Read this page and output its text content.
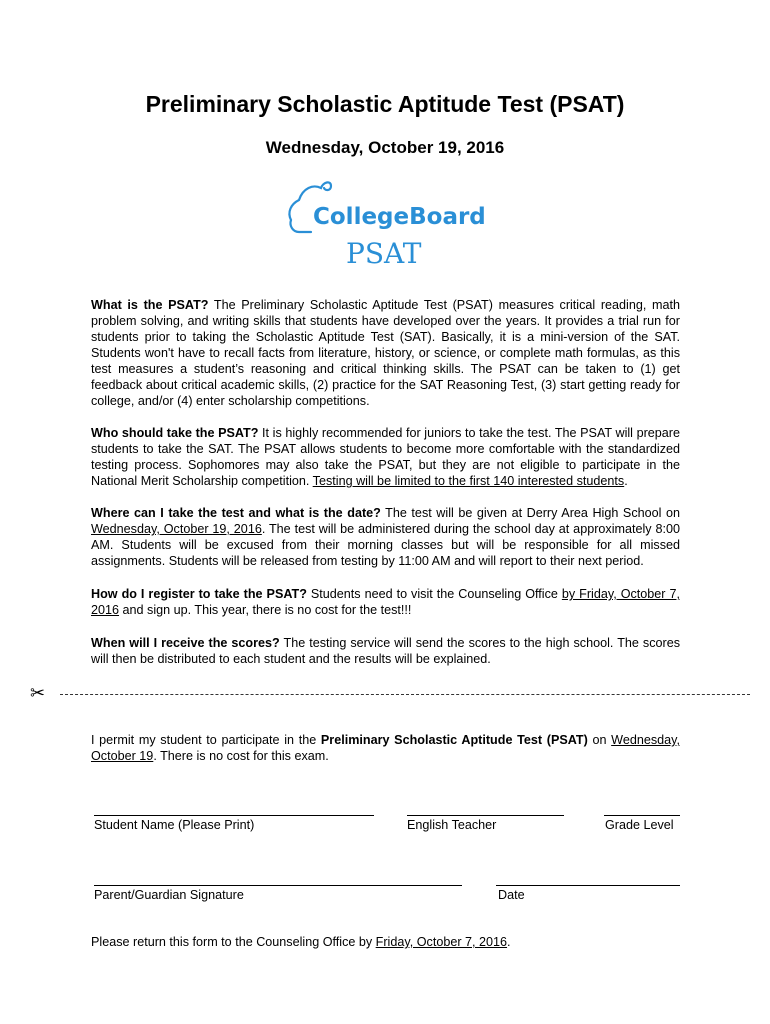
Preliminary Scholastic Aptitude Test (PSAT)
Wednesday, October 19, 2016
CollegeBoard
PSAT

What is the PSAT? The Preliminary Scholastic Aptitude Test (PSAT) measures critical reading, math problem solving, and writing skills that students have developed over the years. It provides a trial run for students prior to taking the Scholastic Aptitude Test (SAT). Basically, it is a mini-version of the SAT. Students won't have to recall facts from literature, history, or science, or complete math formulas, as this test measures a student’s reasoning and critical thinking skills. The PSAT can be taken to (1) get feedback about critical academic skills, (2) practice for the SAT Reasoning Test, (3) start getting ready for college, and/or (4) enter scholarship competitions.

Who should take the PSAT? It is highly recommended for juniors to take the test. The PSAT will prepare students to take the SAT. The PSAT allows students to become more comfortable with the standardized testing process. Sophomores may also take the PSAT, but they are not eligible to participate in the National Merit Scholarship competition. Testing will be limited to the first 140 interested students.

Where can I take the test and what is the date? The test will be given at Derry Area High School on Wednesday, October 19, 2016. The test will be administered during the school day at approximately 8:00 AM. Students will be excused from their morning classes but will be responsible for all missed assignments. Students will be released from testing by 11:00 AM and will report to their next period.

How do I register to take the PSAT? Students need to visit the Counseling Office by Friday, October 7, 2016 and sign up. This year, there is no cost for the test!!!

When will I receive the scores? The testing service will send the scores to the high school. The scores will then be distributed to each student and the results will be explained.

✂

I permit my student to participate in the Preliminary Scholastic Aptitude Test (PSAT) on Wednesday, October 19. There is no cost for this exam.

Student Name (Please Print)	English Teacher	Grade Level
Parent/Guardian Signature	Date

Please return this form to the Counseling Office by Friday, October 7, 2016.
